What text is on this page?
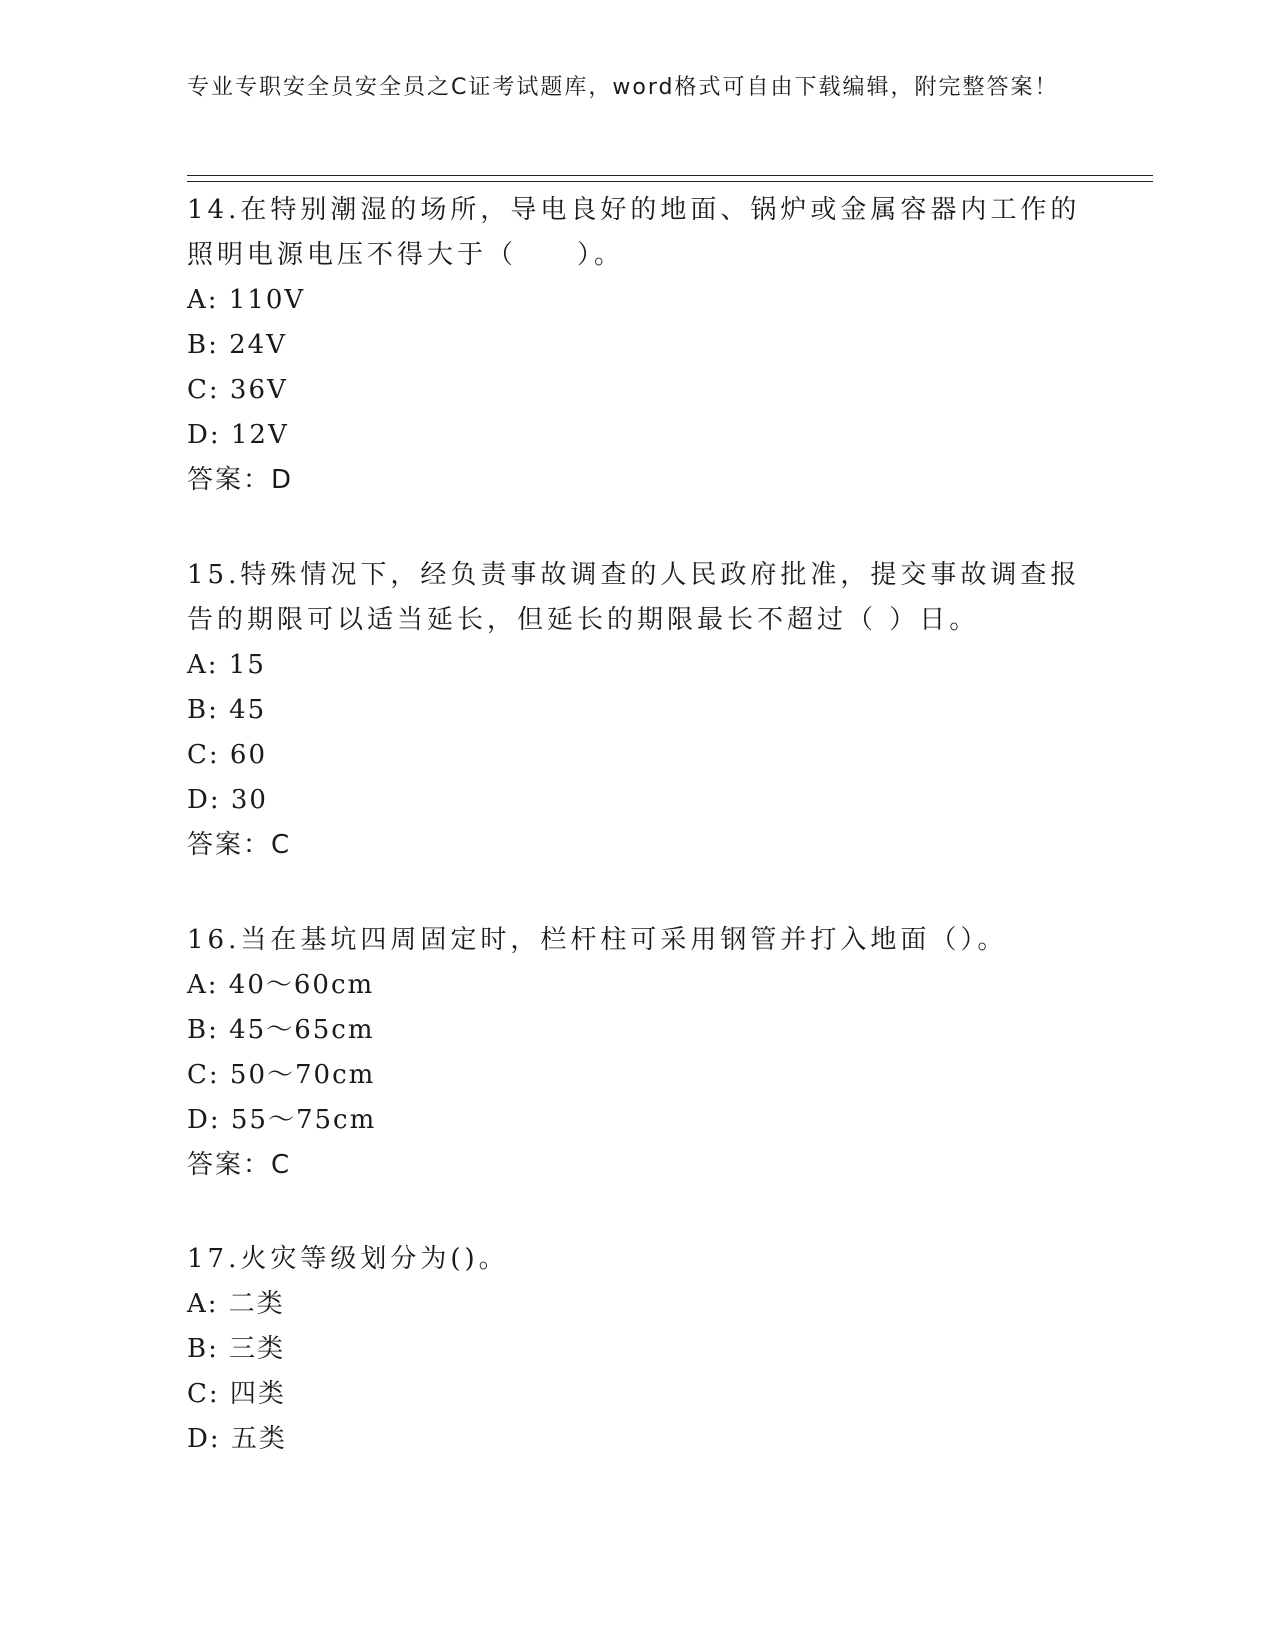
专业专职安全员安全员之C证考试题库，word格式可自由下载编辑，附完整答案！

14.在特别潮湿的场所，导电良好的地面、锅炉或金属容器内工作的照明电源电压不得大于（　　）。

A: 110V

B: 24V

C: 36V

D: 12V

答案：D

15.特殊情况下，经负责事故调查的人民政府批准，提交事故调查报告的期限可以适当延长，但延长的期限最长不超过（ ）日。

A: 15

B: 45

C: 60

D: 30

答案：C

16.当在基坑四周固定时，栏杆柱可采用钢管并打入地面（）。

A: 40～60cm

B: 45～65cm

C: 50～70cm

D: 55～75cm

答案：C

17.火灾等级划分为()。

A: 二类

B: 三类

C: 四类

D: 五类
